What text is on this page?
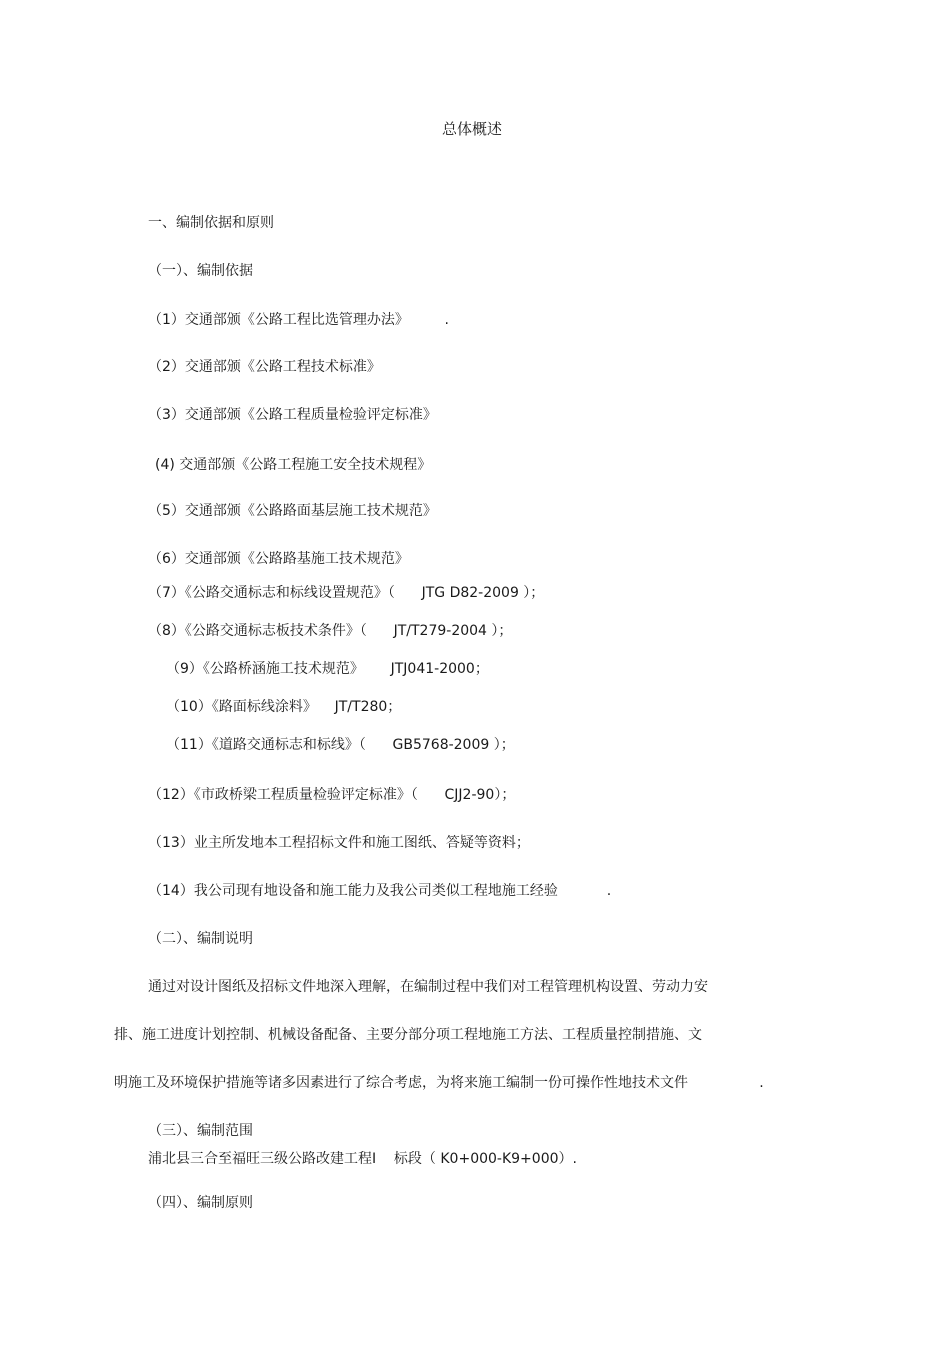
总体概述
一、编制依据和原则
（一）、编制依据
（1）交通部颁《公路工程比选管理办法》        .
（2）交通部颁《公路工程技术标准》
（3）交通部颁《公路工程质量检验评定标准》
(4) 交通部颁《公路工程施工安全技术规程》
（5）交通部颁《公路路面基层施工技术规范》
（6）交通部颁《公路路基施工技术规范》
（7）《公路交通标志和标线设置规范》（      JTG D82-2009 ）；
（8）《公路交通标志板技术条件》（      JT/T279-2004 ）；
（9）《公路桥涵施工技术规范》      JTJ041-2000；
（10）《路面标线涂料》    JT/T280；
（11）《道路交通标志和标线》（      GB5768-2009 ）；
（12）《市政桥梁工程质量检验评定标准》（      CJJ2-90）；
（13）业主所发地本工程招标文件和施工图纸、答疑等资料；
（14）我公司现有地设备和施工能力及我公司类似工程地施工经验           .
（二）、编制说明
通过对设计图纸及招标文件地深入理解，在编制过程中我们对工程管理机构设置、劳动力安
排、施工进度计划控制、机械设备配备、主要分部分项工程地施工方法、工程质量控制措施、文
明施工及环境保护措施等诸多因素进行了综合考虑，为将来施工编制一份可操作性地技术文件                .
（三）、编制范围
浦北县三合至福旺三级公路改建工程Ⅰ    标段（ K0+000-K9+000）.
（四）、编制原则
